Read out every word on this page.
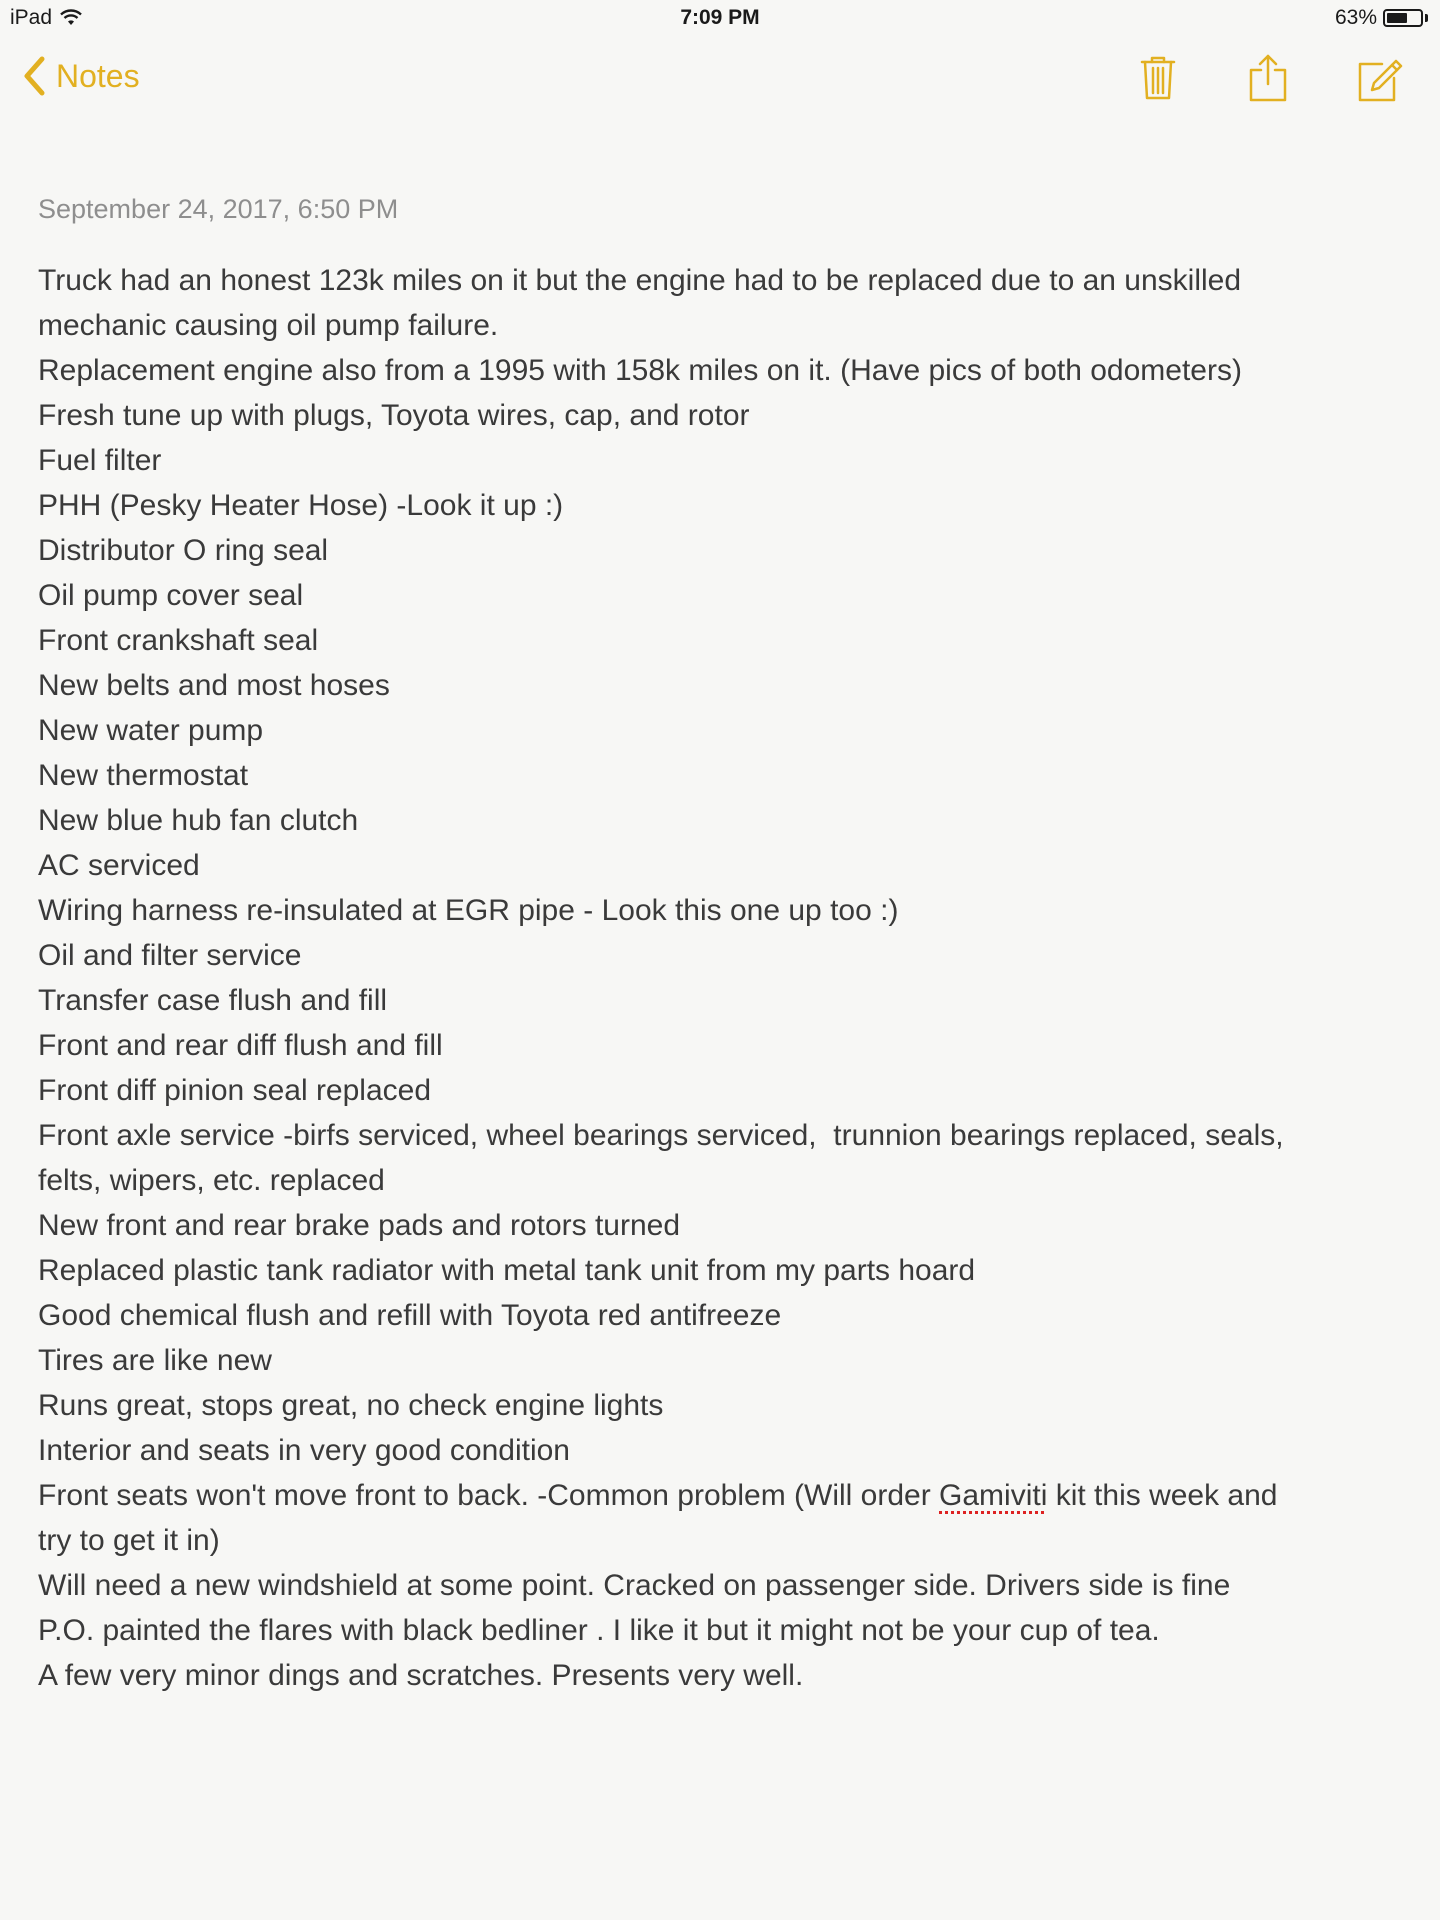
iPad	7:09 PM	63%
Notes
September 24, 2017, 6:50 PM
Truck had an honest 123k miles on it but the engine had to be replaced due to an unskilled
mechanic causing oil pump failure.
Replacement engine also from a 1995 with 158k miles on it. (Have pics of both odometers)
Fresh tune up with plugs, Toyota wires, cap, and rotor
Fuel filter
PHH (Pesky Heater Hose) -Look it up :)
Distributor O ring seal
Oil pump cover seal
Front crankshaft seal
New belts and most hoses
New water pump
New thermostat
New blue hub fan clutch
AC serviced
Wiring harness re-insulated at EGR pipe - Look this one up too :)
Oil and filter service
Transfer case flush and fill
Front and rear diff flush and fill
Front diff pinion seal replaced
Front axle service -birfs serviced, wheel bearings serviced,  trunnion bearings replaced, seals,
felts, wipers, etc. replaced
New front and rear brake pads and rotors turned
Replaced plastic tank radiator with metal tank unit from my parts hoard
Good chemical flush and refill with Toyota red antifreeze
Tires are like new
Runs great, stops great, no check engine lights
Interior and seats in very good condition
Front seats won't move front to back. -Common problem (Will order Gamiviti kit this week and
try to get it in)
Will need a new windshield at some point. Cracked on passenger side. Drivers side is fine
P.O. painted the flares with black bedliner . I like it but it might not be your cup of tea.
A few very minor dings and scratches. Presents very well.
